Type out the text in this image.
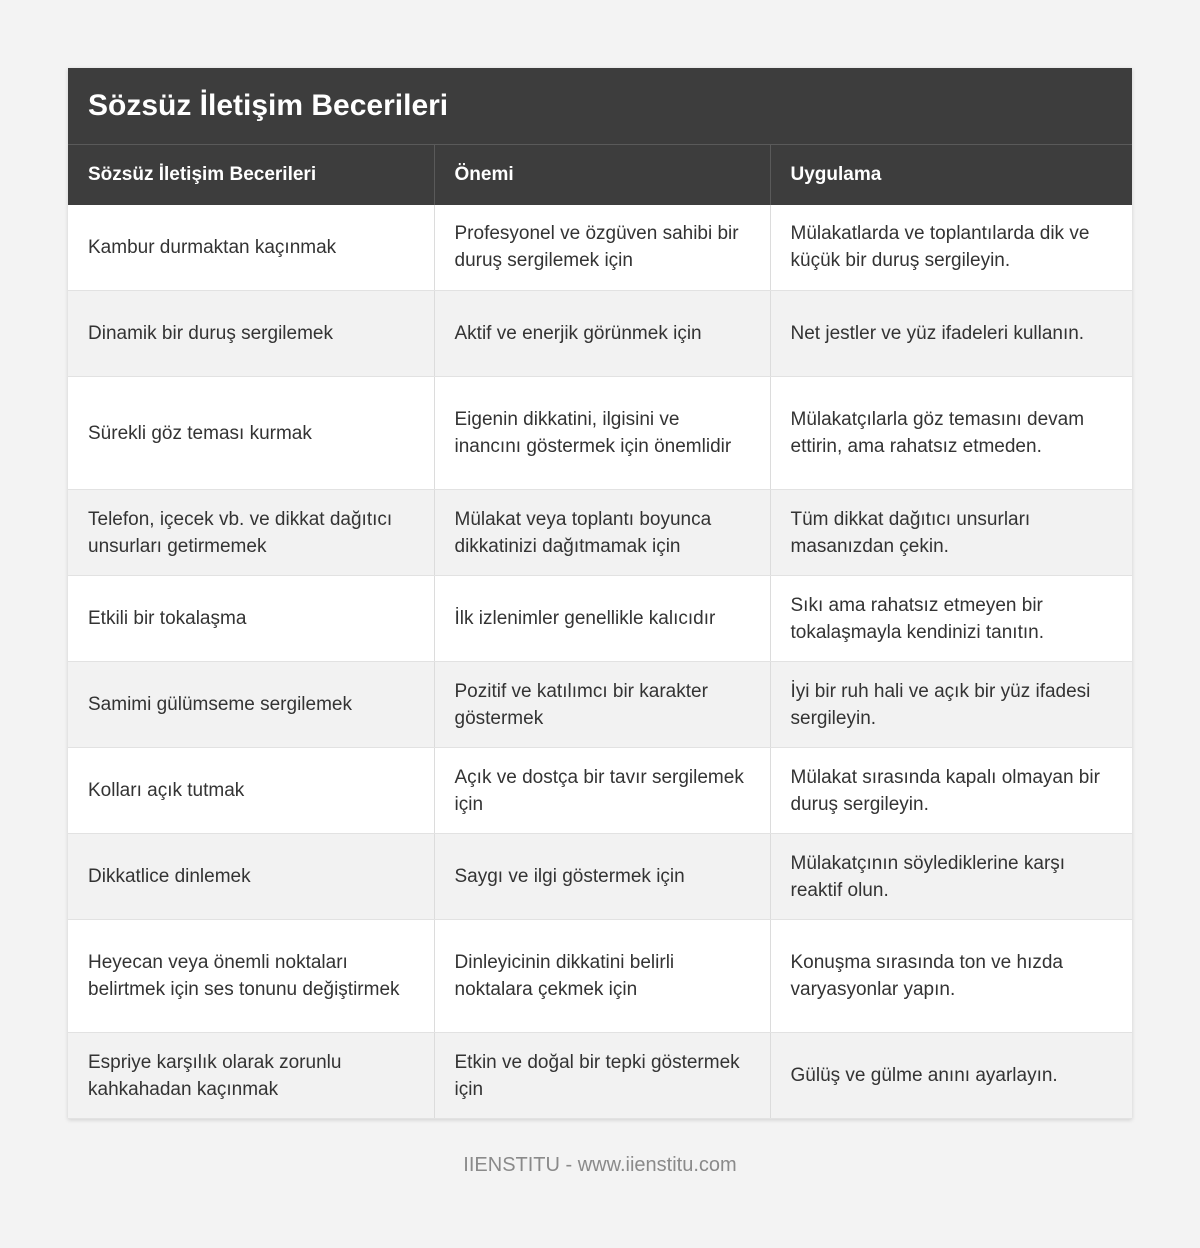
Sözsüz İletişim Becerileri
Sözsüz İletişim Becerileri	Önemi	Uygulama
Kambur durmaktan kaçınmak	Profesyonel ve özgüven sahibi bir duruş sergilemek için	Mülakatlarda ve toplantılarda dik ve küçük bir duruş sergileyin.
Dinamik bir duruş sergilemek	Aktif ve enerjik görünmek için	Net jestler ve yüz ifadeleri kullanın.
Sürekli göz teması kurmak	Eigenin dikkatini, ilgisini ve inancını göstermek için önemlidir	Mülakatçılarla göz temasını devam ettirin, ama rahatsız etmeden.
Telefon, içecek vb. ve dikkat dağıtıcı unsurları getirmemek	Mülakat veya toplantı boyunca dikkatinizi dağıtmamak için	Tüm dikkat dağıtıcı unsurları masanızdan çekin.
Etkili bir tokalaşma	İlk izlenimler genellikle kalıcıdır	Sıkı ama rahatsız etmeyen bir tokalaşmayla kendinizi tanıtın.
Samimi gülümseme sergilemek	Pozitif ve katılımcı bir karakter göstermek	İyi bir ruh hali ve açık bir yüz ifadesi sergileyin.
Kolları açık tutmak	Açık ve dostça bir tavır sergilemek için	Mülakat sırasında kapalı olmayan bir duruş sergileyin.
Dikkatlice dinlemek	Saygı ve ilgi göstermek için	Mülakatçının söylediklerine karşı reaktif olun.
Heyecan veya önemli noktaları belirtmek için ses tonunu değiştirmek	Dinleyicinin dikkatini belirli noktalara çekmek için	Konuşma sırasında ton ve hızda varyasyonlar yapın.
Espriye karşılık olarak zorunlu kahkahadan kaçınmak	Etkin ve doğal bir tepki göstermek için	Gülüş ve gülme anını ayarlayın.
IIENSTITU - www.iienstitu.com
